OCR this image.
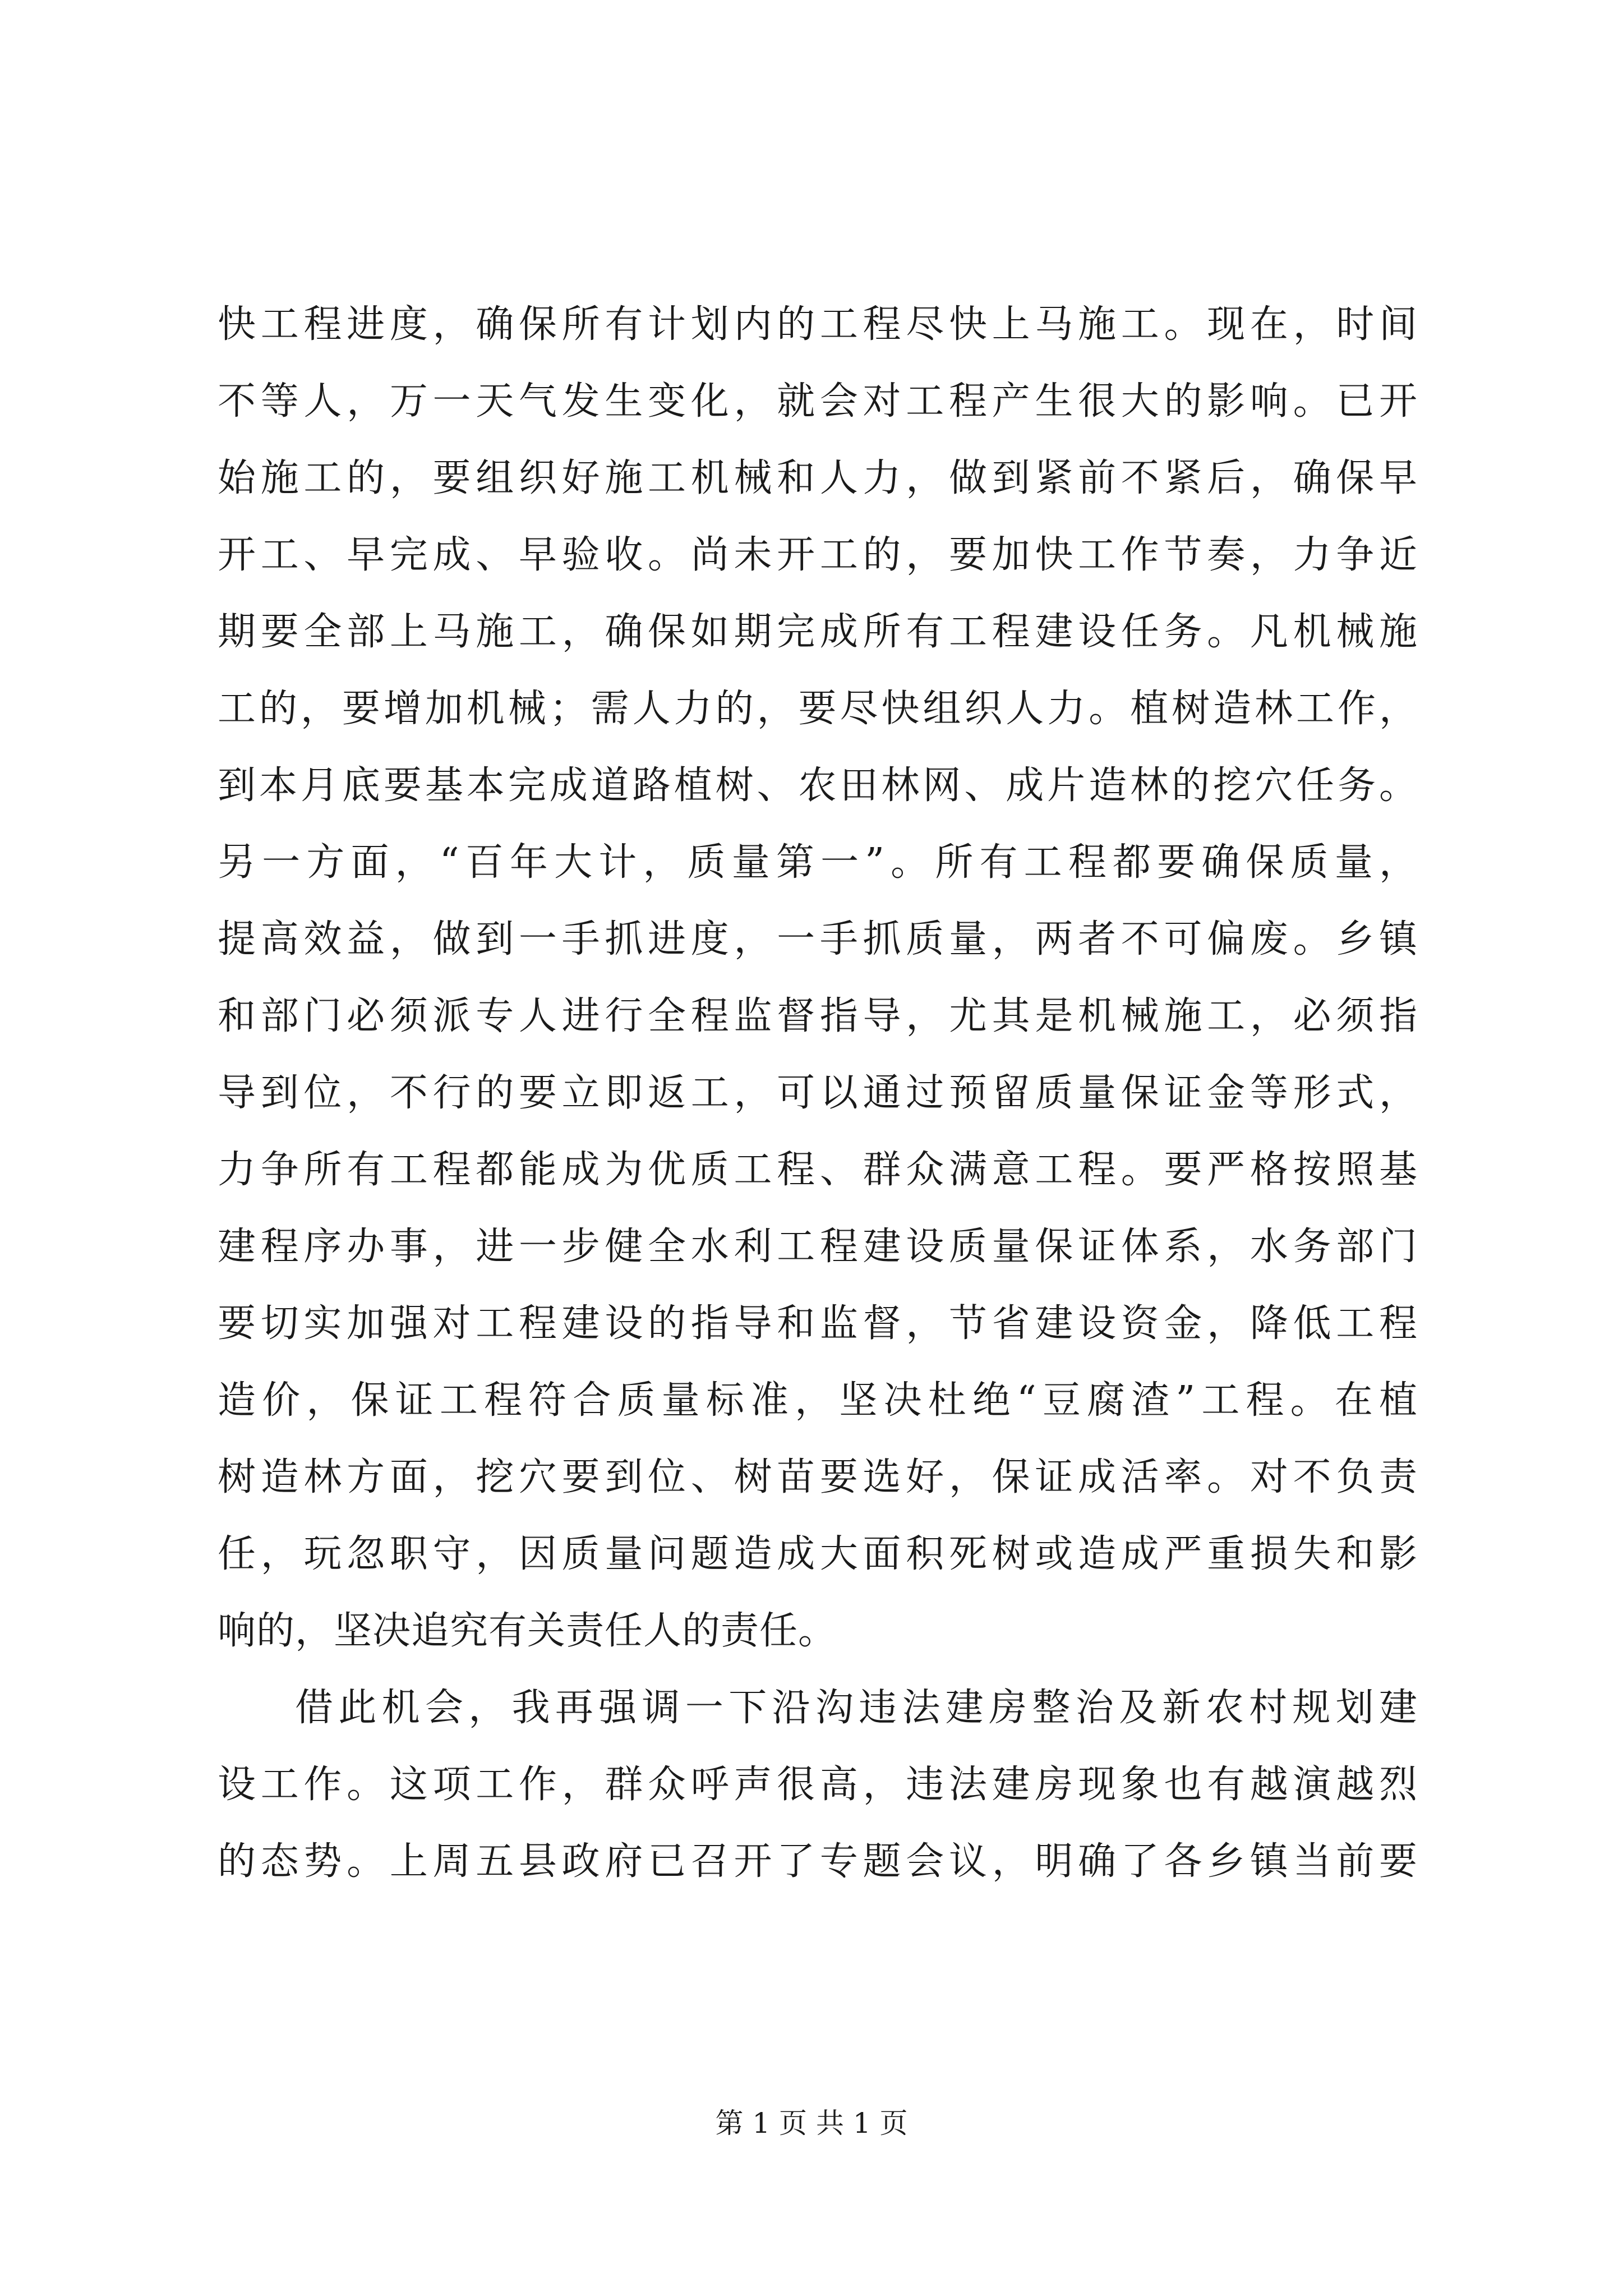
快工程进度，确保所有计划内的工程尽快上马施工。现在，时间
不等人，万一天气发生变化，就会对工程产生很大的影响。已开
始施工的，要组织好施工机械和人力，做到紧前不紧后，确保早
开工、早完成、早验收。尚未开工的，要加快工作节奏，力争近
期要全部上马施工，确保如期完成所有工程建设任务。凡机械施
工的，要增加机械；需人力的，要尽快组织人力。植树造林工作，
到本月底要基本完成道路植树、农田林网、成片造林的挖穴任务。
另一方面，“百年大计，质量第一”。所有工程都要确保质量，
提高效益，做到一手抓进度，一手抓质量，两者不可偏废。乡镇
和部门必须派专人进行全程监督指导，尤其是机械施工，必须指
导到位，不行的要立即返工，可以通过预留质量保证金等形式，
力争所有工程都能成为优质工程、群众满意工程。要严格按照基
建程序办事，进一步健全水利工程建设质量保证体系，水务部门
要切实加强对工程建设的指导和监督，节省建设资金，降低工程
造价，保证工程符合质量标准，坚决杜绝“豆腐渣”工程。在植
树造林方面，挖穴要到位、树苗要选好，保证成活率。对不负责
任，玩忽职守，因质量问题造成大面积死树或造成严重损失和影
响的，坚决追究有关责任人的责任。
借此机会，我再强调一下沿沟违法建房整治及新农村规划建
设工作。这项工作，群众呼声很高，违法建房现象也有越演越烈
的态势。上周五县政府已召开了专题会议，明确了各乡镇当前要
第 1 页 共 1 页
